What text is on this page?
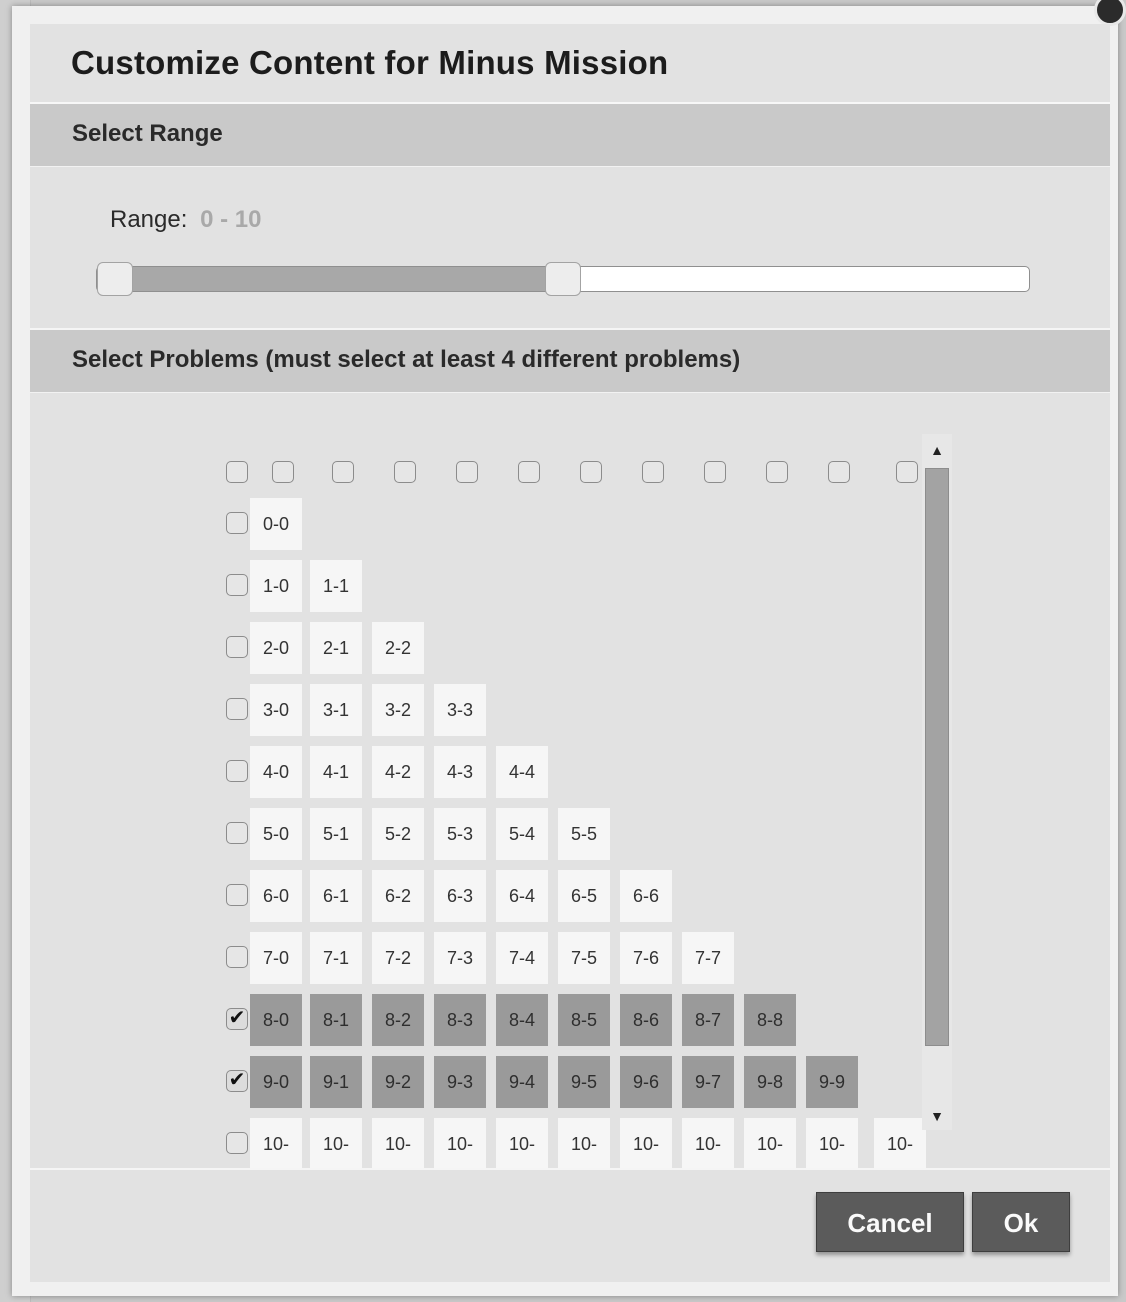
Customize Content for Minus Mission
Select Range
Range: 0 - 10
Select Problems (must select at least 4 different problems)
0-0
1-0	1-1
2-0	2-1	2-2
3-0	3-1	3-2	3-3
4-0	4-1	4-2	4-3	4-4
5-0	5-1	5-2	5-3	5-4	5-5
6-0	6-1	6-2	6-3	6-4	6-5	6-6
7-0	7-1	7-2	7-3	7-4	7-5	7-6	7-7
✔ 8-0	8-1	8-2	8-3	8-4	8-5	8-6	8-7	8-8
✔ 9-0	9-1	9-2	9-3	9-4	9-5	9-6	9-7	9-8	9-9
10-	10-	10-	10-	10-	10-	10-	10-	10-	10-	10-
▲
▼
Cancel	Ok
